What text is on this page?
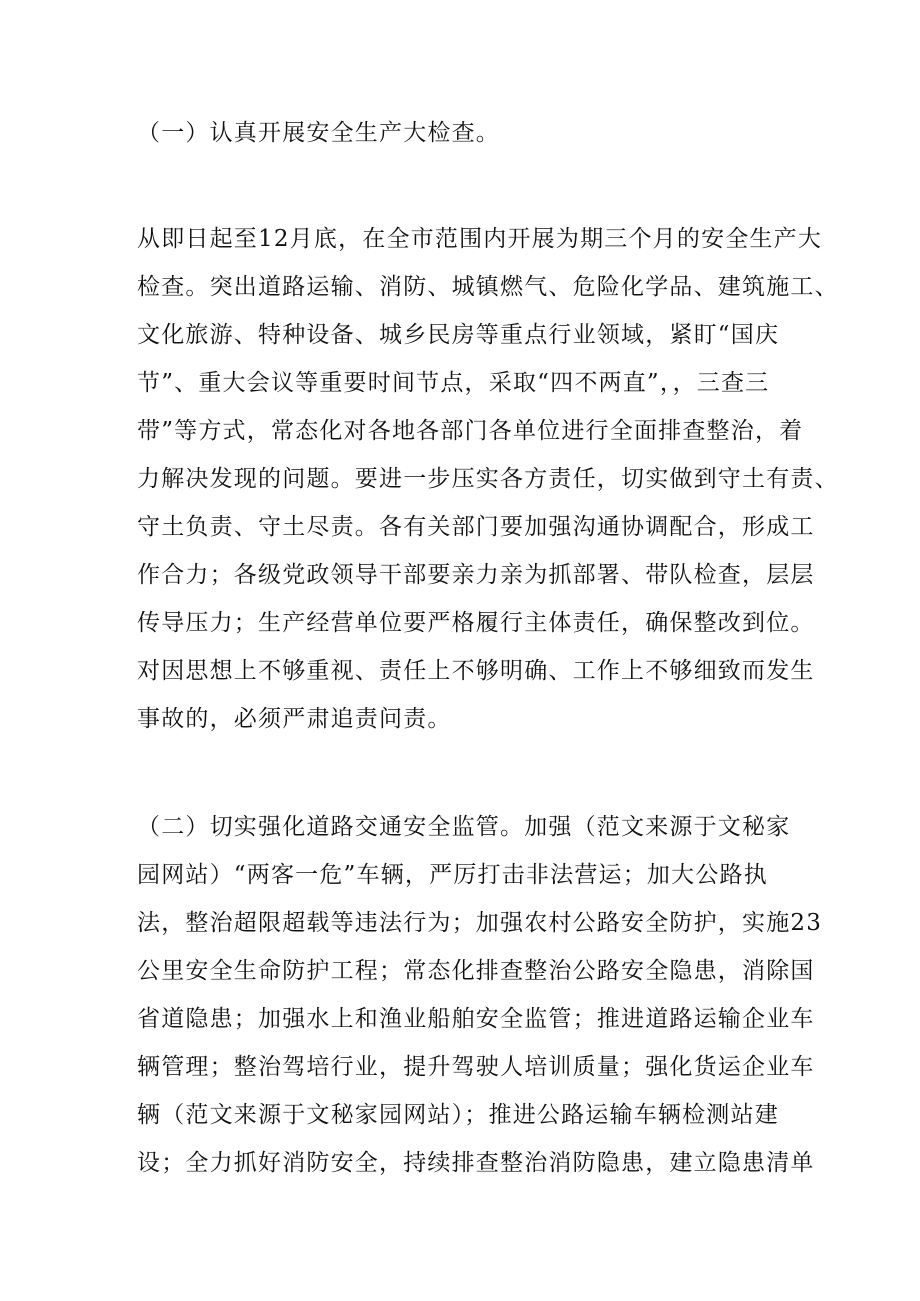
（一）认真开展安全生产大检查。
从即日起至12月底，在全市范围内开展为期三个月的安全生产大
检查。突出道路运输、消防、城镇燃气、危险化学品、建筑施工、
文化旅游、特种设备、城乡民房等重点行业领域，紧盯“国庆
节”、重大会议等重要时间节点，采取“四不两直”，，三查三
带”等方式，常态化对各地各部门各单位进行全面排查整治，着
力解决发现的问题。要进一步压实各方责任，切实做到守土有责、
守土负责、守土尽责。各有关部门要加强沟通协调配合，形成工
作合力；各级党政领导干部要亲力亲为抓部署、带队检查，层层
传导压力；生产经营单位要严格履行主体责任，确保整改到位。
对因思想上不够重视、责任上不够明确、工作上不够细致而发生
事故的，必须严肃追责问责。
（二）切实强化道路交通安全监管。加强（范文来源于文秘家
园网站）“两客一危”车辆，严厉打击非法营运；加大公路执
法，整治超限超载等违法行为；加强农村公路安全防护，实施23
公里安全生命防护工程；常态化排查整治公路安全隐患，消除国
省道隐患；加强水上和渔业船舶安全监管；推进道路运输企业车
辆管理；整治驾培行业，提升驾驶人培训质量；强化货运企业车
辆（范文来源于文秘家园网站）；推进公路运输车辆检测站建
设；全力抓好消防安全，持续排查整治消防隐患，建立隐患清单
